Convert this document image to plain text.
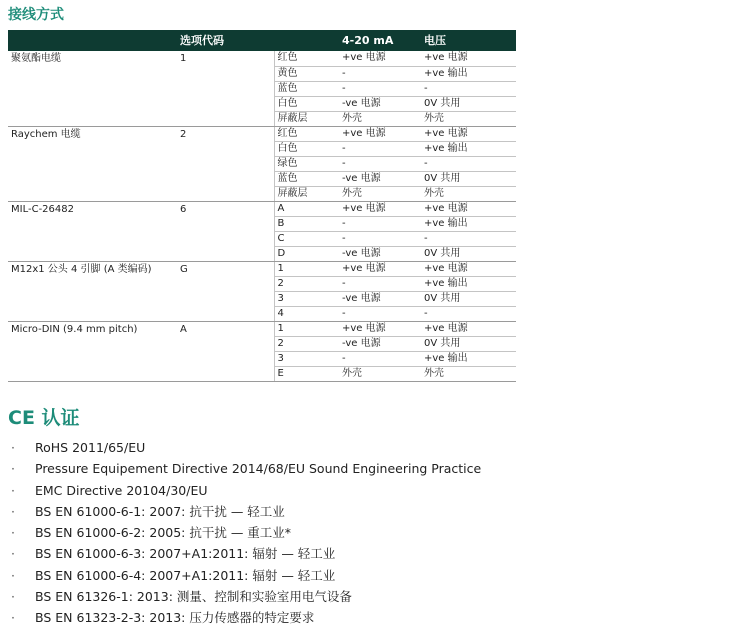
接线方式
	选项代码		4-20 mA	电压
聚氨酯电缆	1	红色	+ve 电源	+ve 电源
		黄色	-	+ve 输出
		蓝色	-	-
		白色	-ve 电源	0V 共用
		屏蔽层	外壳	外壳
Raychem 电缆	2	红色	+ve 电源	+ve 电源
		白色	-	+ve 输出
		绿色	-	-
		蓝色	-ve 电源	0V 共用
		屏蔽层	外壳	外壳
MIL-C-26482	6	A	+ve 电源	+ve 电源
		B	-	+ve 输出
		C	-	-
		D	-ve 电源	0V 共用
M12x1 公头 4 引脚 (A 类编码)	G	1	+ve 电源	+ve 电源
		2	-	+ve 输出
		3	-ve 电源	0V 共用
		4	-	-
Micro-DIN (9.4 mm pitch)	A	1	+ve 电源	+ve 电源
		2	-ve 电源	0V 共用
		3	-	+ve 输出
		E	外壳	外壳
CE 认证
·	RoHS 2011/65/EU
·	Pressure Equipement Directive 2014/68/EU Sound Engineering Practice
·	EMC Directive 20104/30/EU
·	BS EN 61000-6-1: 2007: 抗干扰 — 轻工业
·	BS EN 61000-6-2: 2005: 抗干扰 — 重工业*
·	BS EN 61000-6-3: 2007+A1:2011: 辐射 — 轻工业
·	BS EN 61000-6-4: 2007+A1:2011: 辐射 — 轻工业
·	BS EN 61326-1: 2013: 测量、控制和实验室用电气设备
·	BS EN 61323-2-3: 2013: 压力传感器的特定要求
